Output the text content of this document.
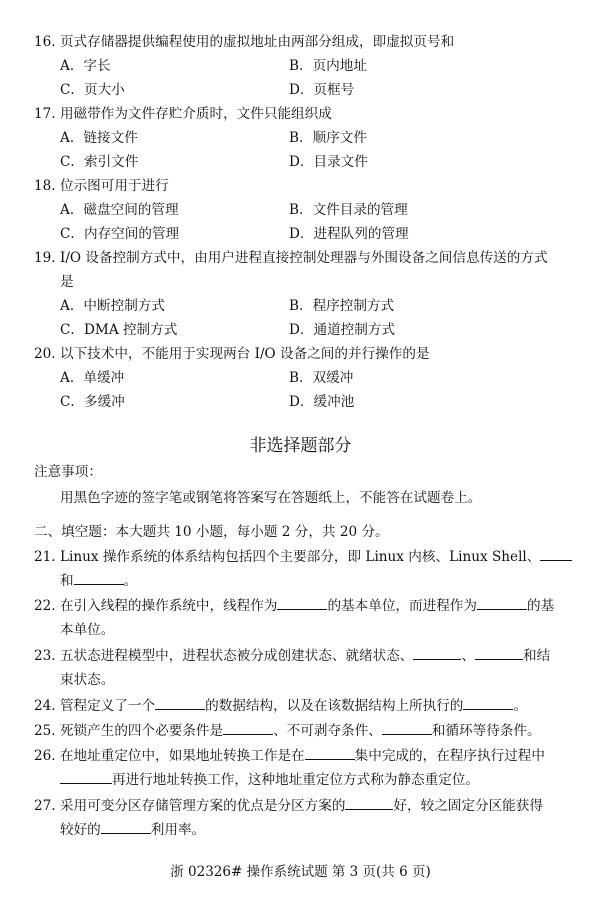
16. 页式存储器提供编程使用的虚拟地址由两部分组成，即虚拟页号和
A．字长	B．页内地址
C．页大小	D．页框号
17. 用磁带作为文件存贮介质时，文件只能组织成
A．链接文件	B．顺序文件
C．索引文件	D．目录文件
18. 位示图可用于进行
A．磁盘空间的管理	B．文件目录的管理
C．内存空间的管理	D．进程队列的管理
19. I/O 设备控制方式中，由用户进程直接控制处理器与外围设备之间信息传送的方式
是
A．中断控制方式	B．程序控制方式
C．DMA 控制方式	D．通道控制方式
20. 以下技术中，不能用于实现两台 I/O 设备之间的并行操作的是
A．单缓冲	B．双缓冲
C．多缓冲	D．缓冲池
非选择题部分
注意事项：
用黑色字迹的签字笔或钢笔将答案写在答题纸上，不能答在试题卷上。
二、填空题：本大题共 10 小题，每小题 2 分，共 20 分。
21. Linux 操作系统的体系结构包括四个主要部分，即 Linux 内核、Linux Shell、
和	。
22. 在引入线程的操作系统中，线程作为	的基本单位，而进程作为	的基
本单位。
23. 五状态进程模型中，进程状态被分成创建状态、就绪状态、	、	和结
束状态。
24. 管程定义了一个	的数据结构，以及在该数据结构上所执行的	。
25. 死锁产生的四个必要条件是	、不可剥夺条件、	和循环等待条件。
26. 在地址重定位中，如果地址转换工作是在	集中完成的，在程序执行过程中
再进行地址转换工作，这种地址重定位方式称为静态重定位。
27. 采用可变分区存储管理方案的优点是分区方案的	好，较之固定分区能获得
较好的	利用率。
浙 02326# 操作系统试题 第 3 页(共 6 页)
